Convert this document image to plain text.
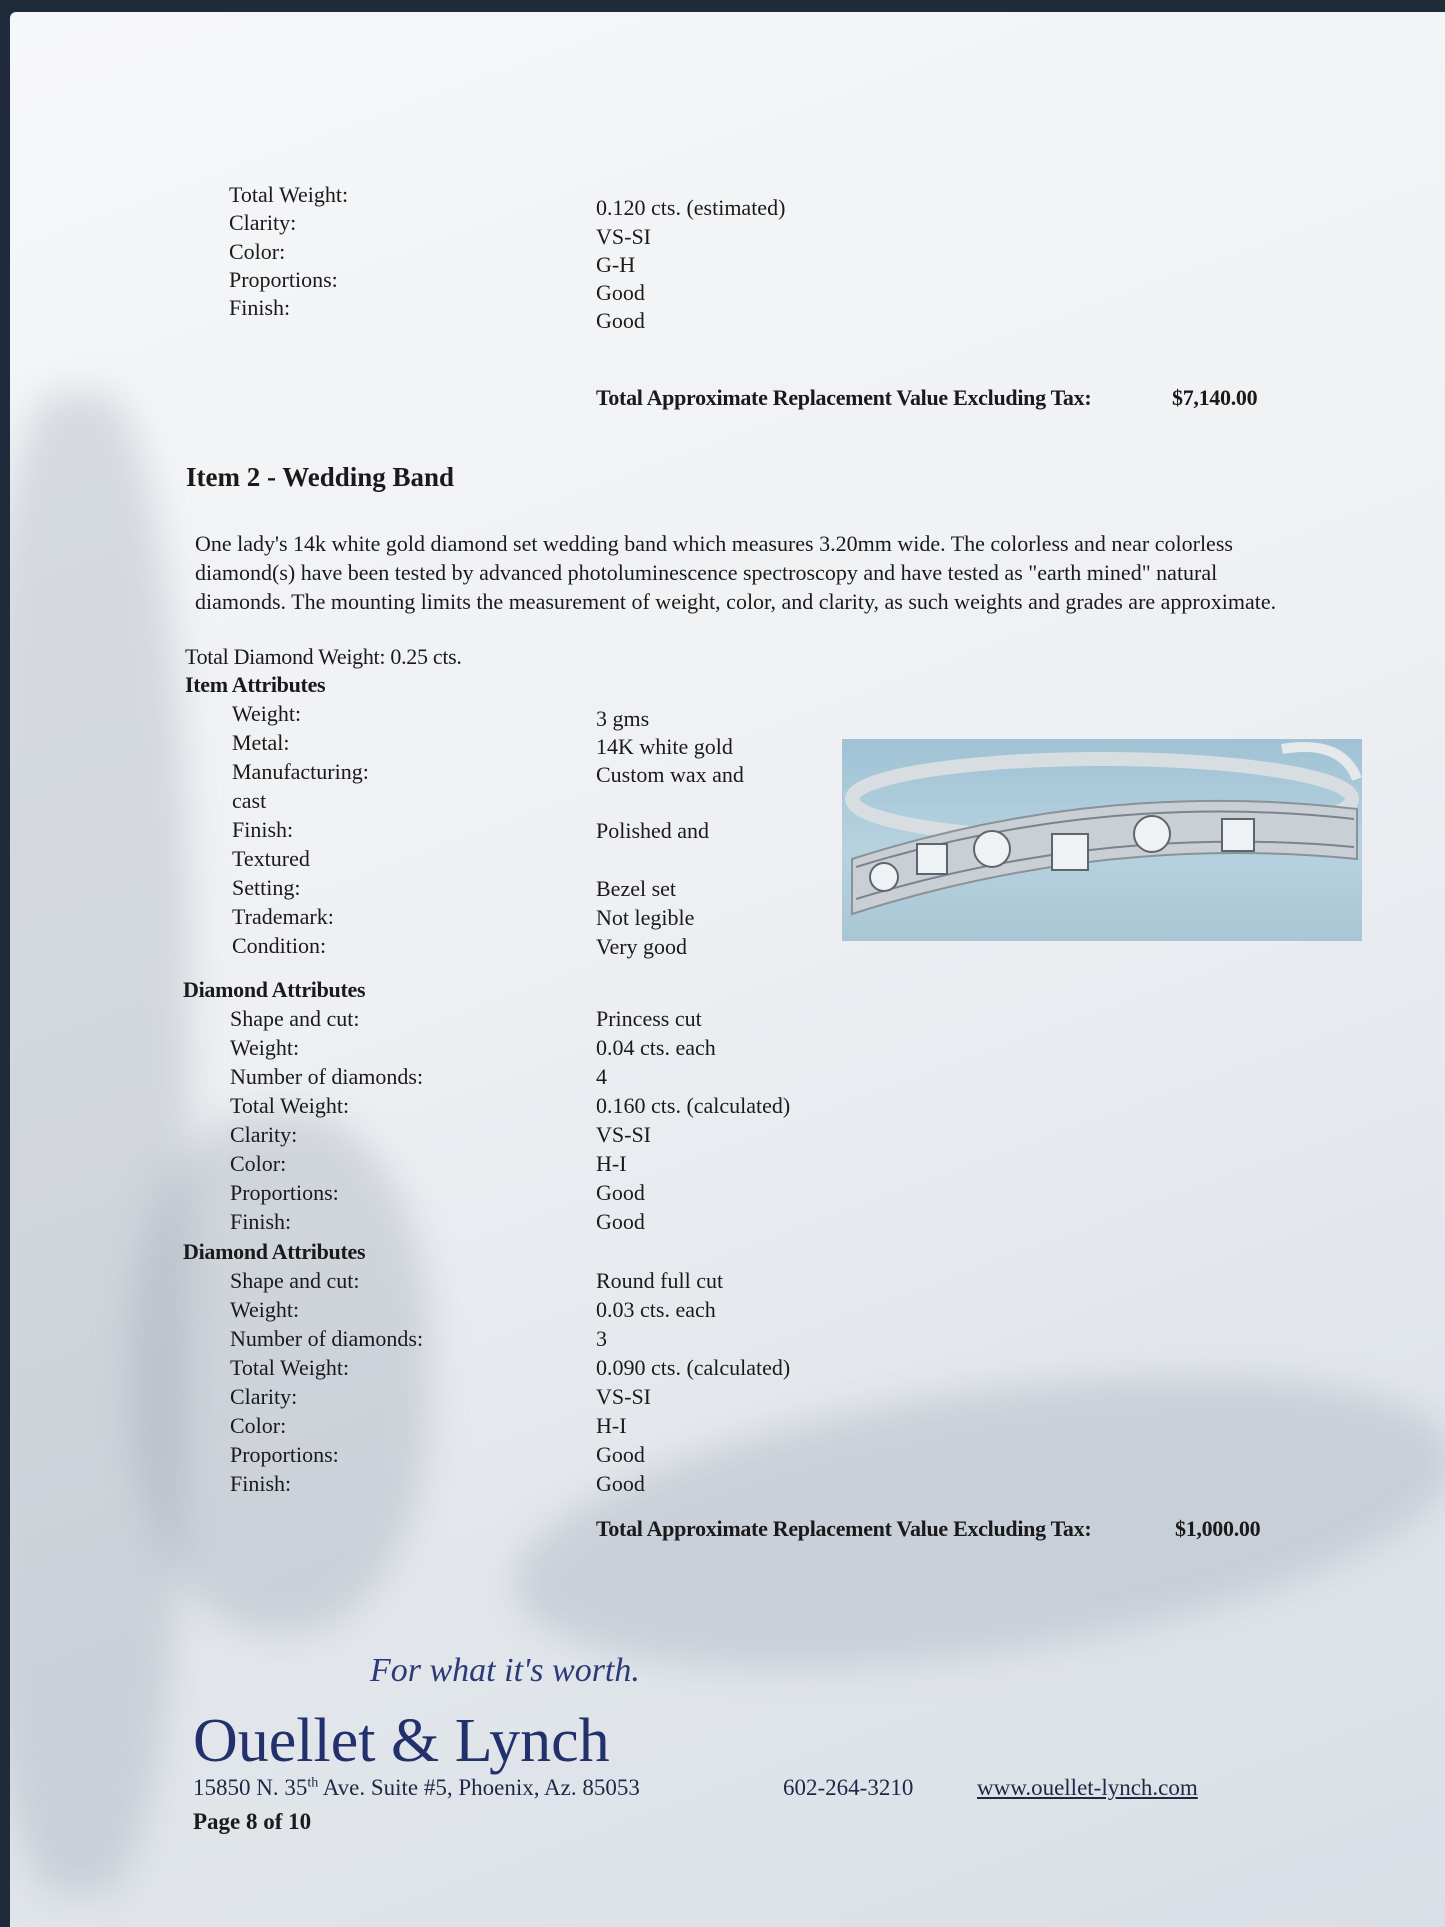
Total Weight:
0.120 cts. (estimated)
Clarity:
VS-SI
Color:
G-H
Proportions:
Good
Finish:
Good
Total Approximate Replacement Value Excluding Tax:	$7,140.00
Item 2 - Wedding Band
One lady's 14k white gold diamond set wedding band which measures 3.20mm wide. The colorless and near colorless diamond(s) have been tested by advanced photoluminescence spectroscopy and have tested as "earth mined" natural diamonds. The mounting limits the measurement of weight, color, and clarity, as such weights and grades are approximate.
Total Diamond Weight: 0.25 cts.
Item Attributes
Weight:	3 gms
Metal:	14K white gold
Manufacturing:	Custom wax and
cast
Finish:	Polished and
Textured
Setting:	Bezel set
Trademark:	Not legible
Condition:	Very good
Diamond Attributes
Shape and cut:	Princess cut
Weight:	0.04 cts. each
Number of diamonds:	4
Total Weight:	0.160 cts. (calculated)
Clarity:	VS-SI
Color:	H-I
Proportions:	Good
Finish:	Good
Diamond Attributes
Shape and cut:	Round full cut
Weight:	0.03 cts. each
Number of diamonds:	3
Total Weight:	0.090 cts. (calculated)
Clarity:	VS-SI
Color:	H-I
Proportions:	Good
Finish:	Good
Total Approximate Replacement Value Excluding Tax:	$1,000.00
For what it's worth.
Ouellet & Lynch
15850 N. 35th Ave. Suite #5, Phoenix, Az. 85053	602-264-3210	www.ouellet-lynch.com
Page 8 of 10
